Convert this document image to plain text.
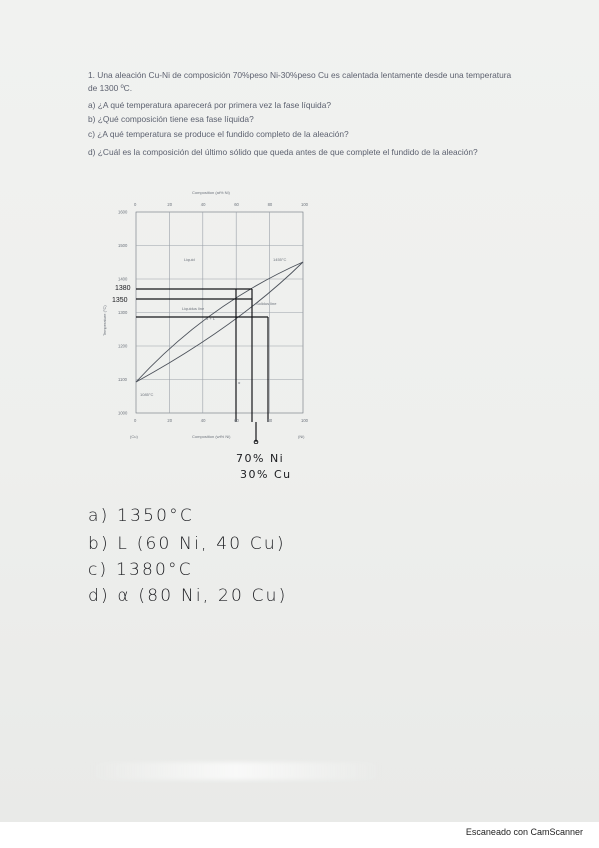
1. Una aleación Cu-Ni de composición 70%peso Ni-30%peso Cu es calentada lentamente desde una temperatura de 1300 ºC.
a) ¿A qué temperatura aparecerá por primera vez la fase líquida?
b) ¿Qué composición tiene esa fase líquida?
c) ¿A qué temperatura se produce el fundido completo de la aleación?
d) ¿Cuál es la composición del último sólido que queda antes de que complete el fundido de la aleación?
Composition (at% Ni)
Composition (wt% Ni)
Temperature (°C)
(Cu)	(Ni)
Liquid
Liquidus line
Solidus line
1455°C
1085°C
α + L
α
1380
1350
0
0
20
20
40
40
60
60
80
80
100
100
1000
1100
1200
1300
1400
1500
1600
70% Ni
30% Cu
a) 1350°C
b) L (60 Ni, 40 Cu)
c) 1380°C
d) α (80 Ni, 20 Cu)
Escaneado con CamScanner
